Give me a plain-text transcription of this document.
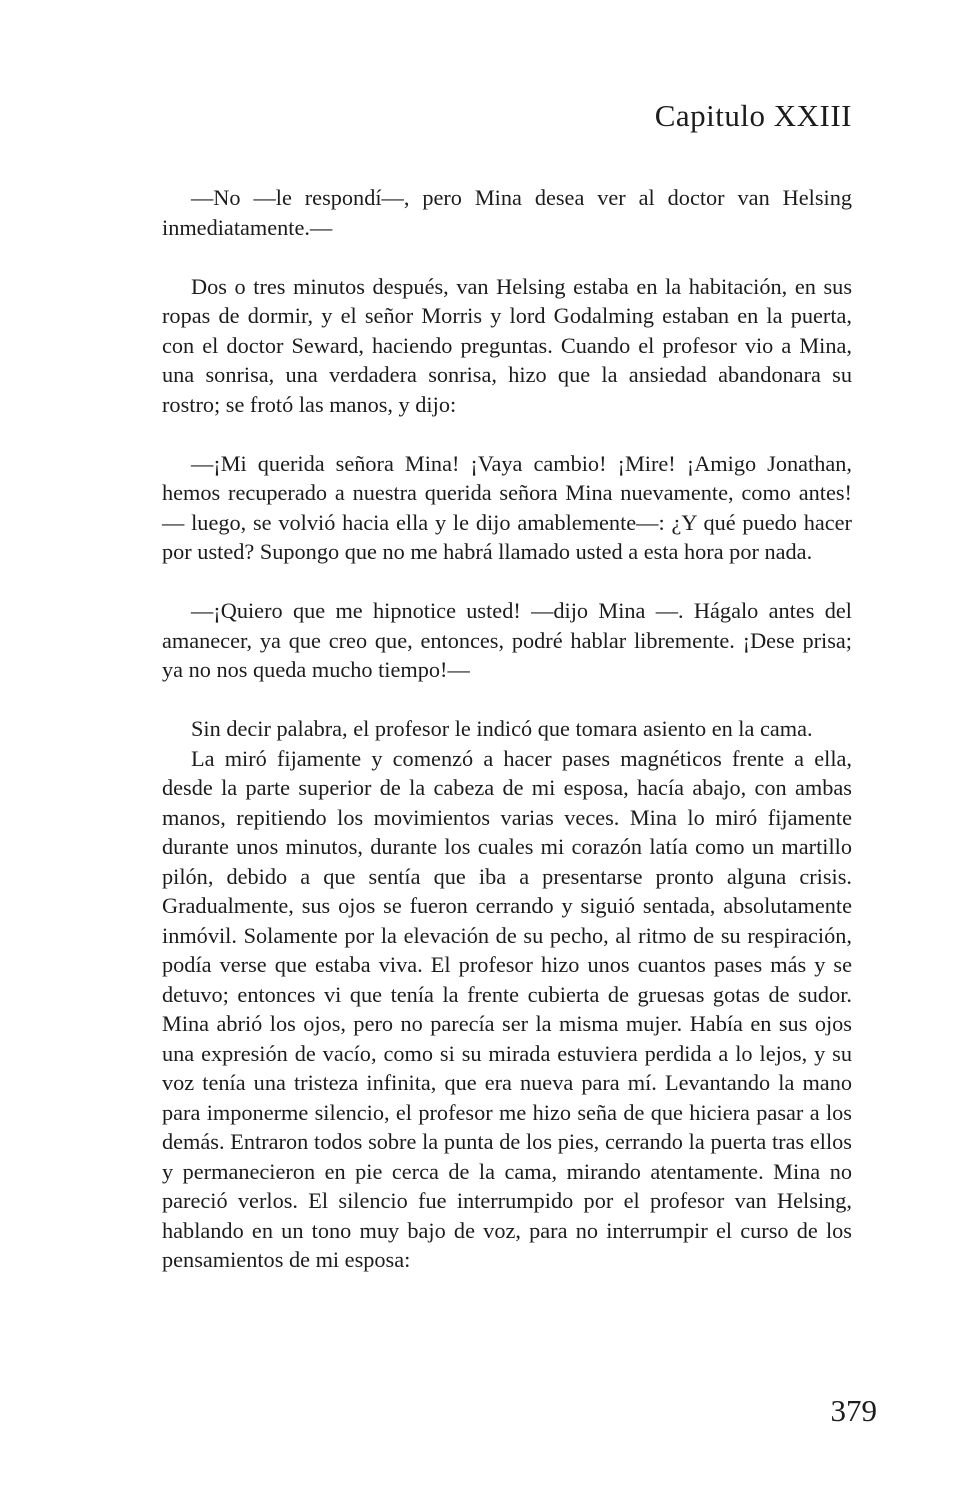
Capitulo XXIII

—No —le respondí—, pero Mina desea ver al doctor van Helsing inmediatamente.—

Dos o tres minutos después, van Helsing estaba en la habitación, en sus ropas de dormir, y el señor Morris y lord Godalming estaban en la puerta, con el doctor Seward, haciendo preguntas. Cuando el profesor vio a Mina, una sonrisa, una verdadera sonrisa, hizo que la ansiedad abandonara su rostro; se frotó las manos, y dijo:

—¡Mi querida señora Mina! ¡Vaya cambio! ¡Mire! ¡Amigo Jonathan, hemos recuperado a nuestra querida señora Mina nuevamente, como antes! — luego, se volvió hacia ella y le dijo amablemente—: ¿Y qué puedo hacer por usted? Supongo que no me habrá llamado usted a esta hora por nada.

—¡Quiero que me hipnotice usted! —dijo Mina —. Hágalo antes del amanecer, ya que creo que, entonces, podré hablar libremente. ¡Dese prisa; ya no nos queda mucho tiempo!—

Sin decir palabra, el profesor le indicó que tomara asiento en la cama.

La miró fijamente y comenzó a hacer pases magnéticos frente a ella, desde la parte superior de la cabeza de mi esposa, hacía abajo, con ambas manos, repitiendo los movimientos varias veces. Mina lo miró fijamente durante unos minutos, durante los cuales mi corazón latía como un martillo pilón, debido a que sentía que iba a presentarse pronto alguna crisis. Gradualmente, sus ojos se fueron cerrando y siguió sentada, absolutamente inmóvil. Solamente por la elevación de su pecho, al ritmo de su respiración, podía verse que estaba viva. El profesor hizo unos cuantos pases más y se detuvo; entonces vi que tenía la frente cubierta de gruesas gotas de sudor. Mina abrió los ojos, pero no parecía ser la misma mujer. Había en sus ojos una expresión de vacío, como si su mirada estuviera perdida a lo lejos, y su voz tenía una tristeza infinita, que era nueva para mí. Levantando la mano para imponerme silencio, el profesor me hizo seña de que hiciera pasar a los demás. Entraron todos sobre la punta de los pies, cerrando la puerta tras ellos y permanecieron en pie cerca de la cama, mirando atentamente. Mina no pareció verlos. El silencio fue interrumpido por el profesor van Helsing, hablando en un tono muy bajo de voz, para no interrumpir el curso de los pensamientos de mi esposa:

379
